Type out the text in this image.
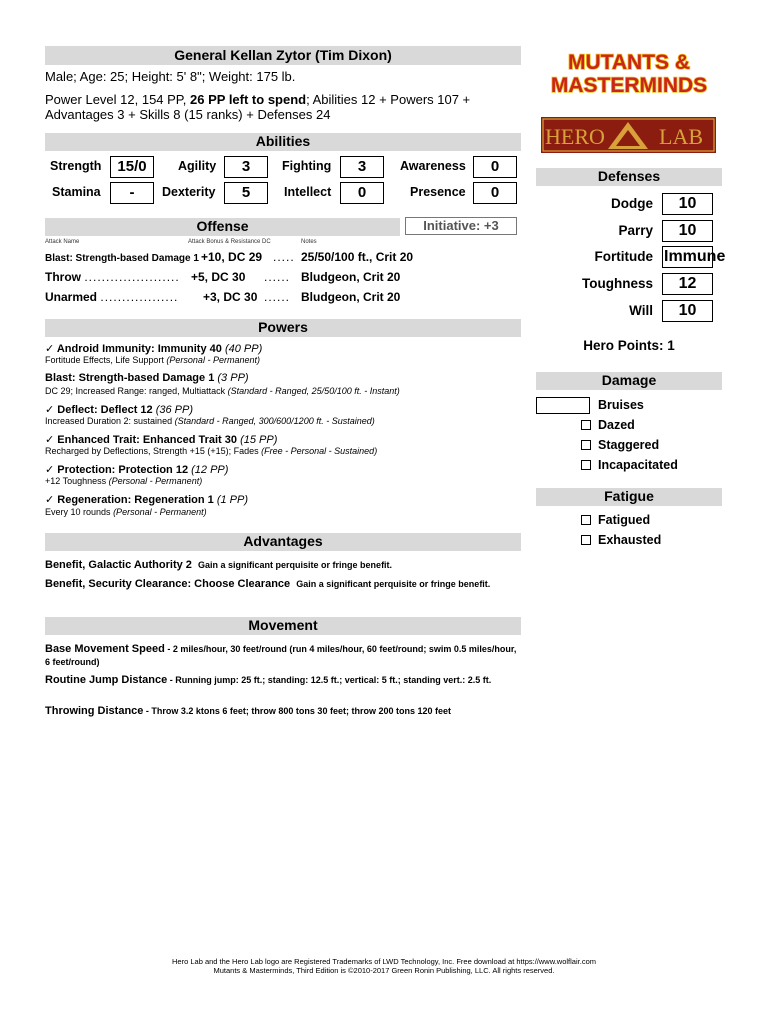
General Kellan Zytor (Tim Dixon)
Male; Age: 25; Height: 5' 8"; Weight: 175 lb.
Power Level 12, 154 PP, 26 PP left to spend; Abilities 12 + Powers 107 + Advantages 3 + Skills 8 (15 ranks) + Defenses 24
Abilities
Strength	15/0	Agility	3	Fighting	3	Awareness	0
Stamina	-	Dexterity	5	Intellect	0	Presence	0
Offense	Initiative: +3
Attack Name	Attack Bonus & Resistance DC	Notes
Blast: Strength-based Damage 1 +10, DC 29 ..... 25/50/100 ft., Crit 20
Throw ...................... +5, DC 30 ...... Bludgeon, Crit 20
Unarmed .................. +3, DC 30 ...... Bludgeon, Crit 20
Powers
✓ Android Immunity: Immunity 40 (40 PP)
Fortitude Effects, Life Support (Personal - Permanent)
Blast: Strength-based Damage 1 (3 PP)
DC 29; Increased Range: ranged, Multiattack (Standard - Ranged, 25/50/100 ft. - Instant)
✓ Deflect: Deflect 12 (36 PP)
Increased Duration 2: sustained (Standard - Ranged, 300/600/1200 ft. - Sustained)
✓ Enhanced Trait: Enhanced Trait 30 (15 PP)
Recharged by Deflections, Strength +15 (+15); Fades (Free - Personal - Sustained)
✓ Protection: Protection 12 (12 PP)
+12 Toughness (Personal - Permanent)
✓ Regeneration: Regeneration 1 (1 PP)
Every 10 rounds (Personal - Permanent)
Advantages
Benefit, Galactic Authority 2 Gain a significant perquisite or fringe benefit.
Benefit, Security Clearance: Choose Clearance Gain a significant perquisite or fringe benefit.
Movement
Base Movement Speed - 2 miles/hour, 30 feet/round (run 4 miles/hour, 60 feet/round; swim 0.5 miles/hour, 6 feet/round)
Routine Jump Distance - Running jump: 25 ft.; standing: 12.5 ft.; vertical: 5 ft.; standing vert.: 2.5 ft.
Throwing Distance - Throw 3.2 ktons 6 feet; throw 800 tons 30 feet; throw 200 tons 120 feet
MUTANTS &
MASTERMINDS
HERO LAB
Defenses
Dodge	10
Parry	10
Fortitude Immune
Toughness	12
Will	10
Hero Points: 1
Damage
Bruises
Dazed
Staggered
Incapacitated
Fatigue
Fatigued
Exhausted
Hero Lab and the Hero Lab logo are Registered Trademarks of LWD Technology, Inc. Free download at https://www.wolflair.com
Mutants & Masterminds, Third Edition is ©2010-2017 Green Ronin Publishing, LLC. All rights reserved.
